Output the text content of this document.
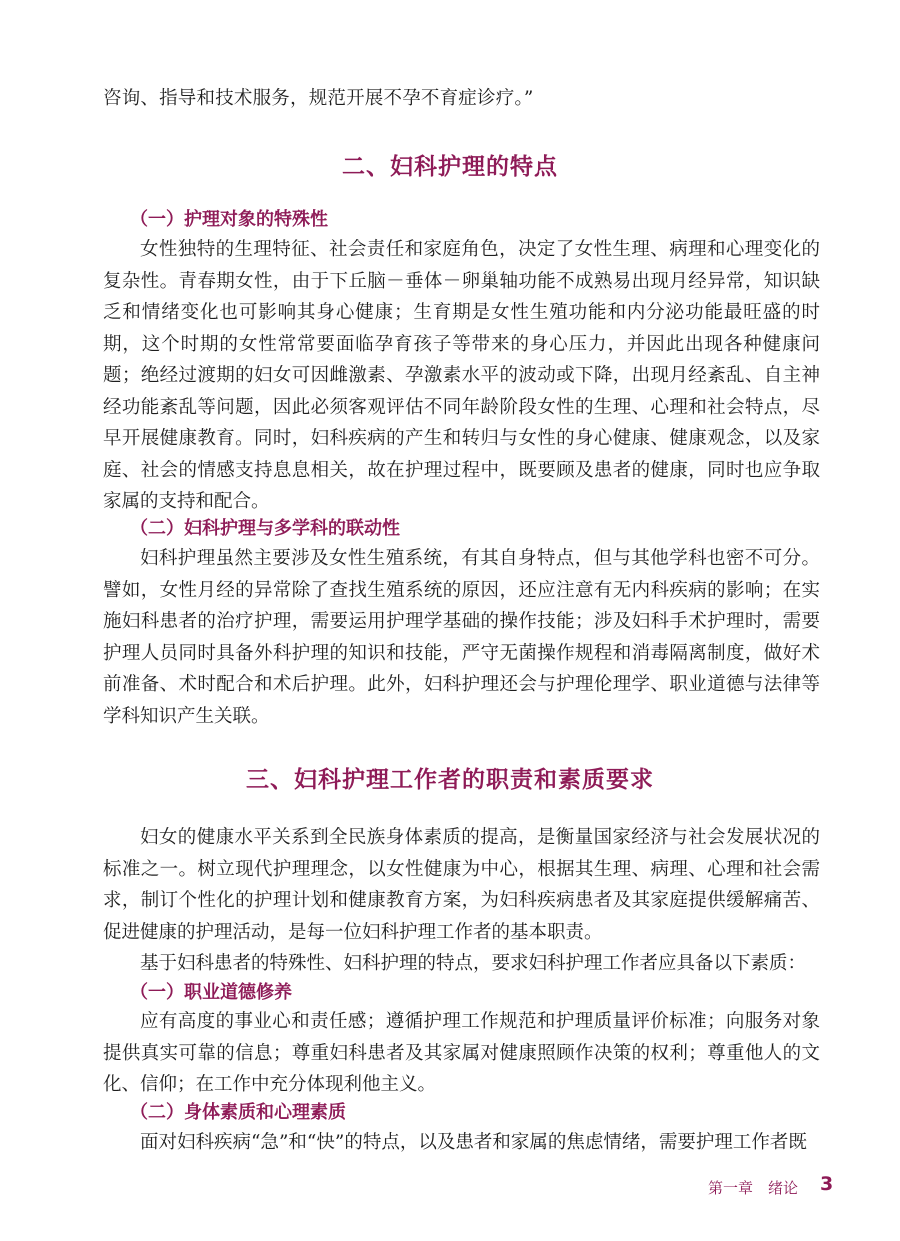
咨询、指导和技术服务，规范开展不孕不育症诊疗。”
二、妇科护理的特点
（一）护理对象的特殊性

女性独特的生理特征、社会责任和家庭角色，决定了女性生理、病理和心理变化的复杂性。青春期女性，由于下丘脑－垂体－卵巢轴功能不成熟易出现月经异常，知识缺乏和情绪变化也可影响其身心健康；生育期是女性生殖功能和内分泌功能最旺盛的时期，这个时期的女性常常要面临孕育孩子等带来的身心压力，并因此出现各种健康问题；绝经过渡期的妇女可因雌激素、孕激素水平的波动或下降，出现月经紊乱、自主神经功能紊乱等问题，因此必须客观评估不同年龄阶段女性的生理、心理和社会特点，尽早开展健康教育。同时，妇科疾病的产生和转归与女性的身心健康、健康观念，以及家庭、社会的情感支持息息相关，故在护理过程中，既要顾及患者的健康，同时也应争取家属的支持和配合。

（二）妇科护理与多学科的联动性

妇科护理虽然主要涉及女性生殖系统，有其自身特点，但与其他学科也密不可分。譬如，女性月经的异常除了查找生殖系统的原因，还应注意有无内科疾病的影响；在实施妇科患者的治疗护理，需要运用护理学基础的操作技能；涉及妇科手术护理时，需要护理人员同时具备外科护理的知识和技能，严守无菌操作规程和消毒隔离制度，做好术前准备、术时配合和术后护理。此外，妇科护理还会与护理伦理学、职业道德与法律等学科知识产生关联。

三、妇科护理工作者的职责和素质要求

妇女的健康水平关系到全民族身体素质的提高，是衡量国家经济与社会发展状况的标准之一。树立现代护理理念，以女性健康为中心，根据其生理、病理、心理和社会需求，制订个性化的护理计划和健康教育方案，为妇科疾病患者及其家庭提供缓解痛苦、促进健康的护理活动，是每一位妇科护理工作者的基本职责。

基于妇科患者的特殊性、妇科护理的特点，要求妇科护理工作者应具备以下素质：

（一）职业道德修养

应有高度的事业心和责任感；遵循护理工作规范和护理质量评价标准；向服务对象提供真实可靠的信息；尊重妇科患者及其家属对健康照顾作决策的权利；尊重他人的文化、信仰；在工作中充分体现利他主义。

（二）身体素质和心理素质

面对妇科疾病“急”和“快”的特点，以及患者和家属的焦虑情绪，需要护理工作者既

第一章　绪论 3
